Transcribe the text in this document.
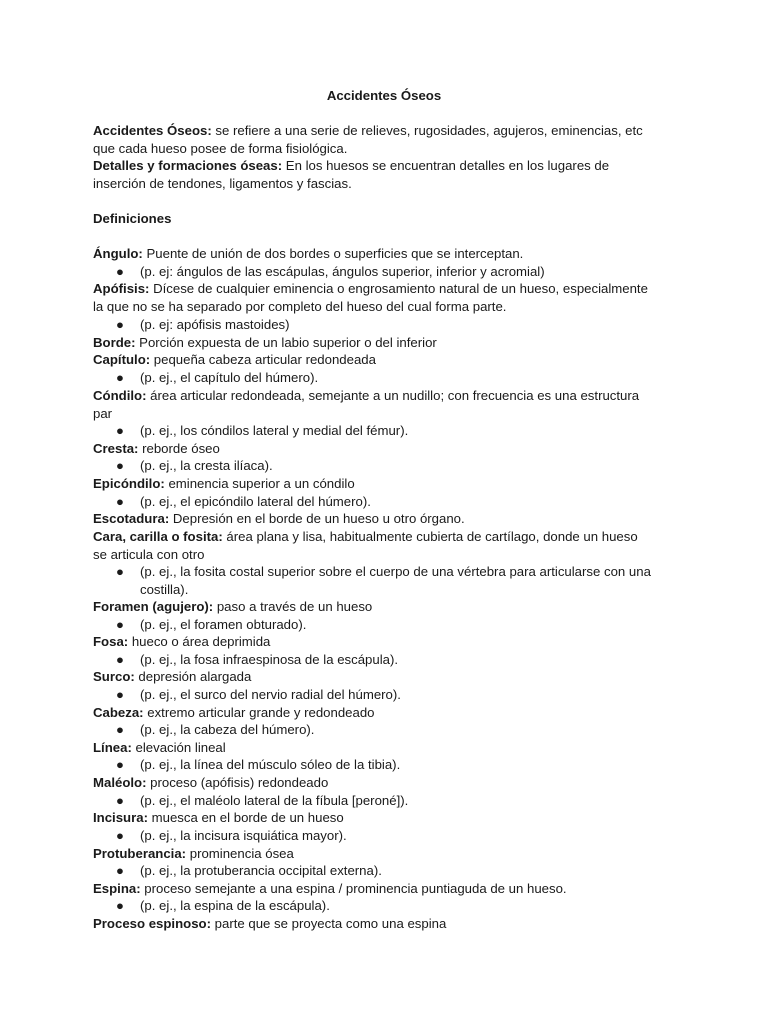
Accidentes Óseos

Accidentes Óseos: se refiere a una serie de relieves, rugosidades, agujeros, eminencias, etc que cada hueso posee de forma fisiológica.

Detalles y formaciones óseas: En los huesos se encuentran detalles en los lugares de inserción de tendones, ligamentos y fascias.

Definiciones

Ángulo: Puente de unión de dos bordes o superficies que se interceptan.

●	(p. ej: ángulos de las escápulas, ángulos superior, inferior y acromial)

Apófisis: Dícese de cualquier eminencia o engrosamiento natural de un hueso, especialmente la que no se ha separado por completo del hueso del cual forma parte.

●	(p. ej: apófisis mastoides)

Borde: Porción expuesta de un labio superior o del inferior

Capítulo: pequeña cabeza articular redondeada

●	(p. ej., el capítulo del húmero).

Cóndilo: área articular redondeada, semejante a un nudillo; con frecuencia es una estructura par

●	(p. ej., los cóndilos lateral y medial del fémur).

Cresta: reborde óseo

●	(p. ej., la cresta ilíaca).

Epicóndilo: eminencia superior a un cóndilo

●	(p. ej., el epicóndilo lateral del húmero).

Escotadura: Depresión en el borde de un hueso u otro órgano.

Cara, carilla o fosita: área plana y lisa, habitualmente cubierta de cartílago, donde un hueso se articula con otro

●	(p. ej., la fosita costal superior sobre el cuerpo de una vértebra para articularse con una costilla).

Foramen (agujero): paso a través de un hueso

●	(p. ej., el foramen obturado).

Fosa: hueco o área deprimida

●	(p. ej., la fosa infraespinosa de la escápula).

Surco: depresión alargada

●	(p. ej., el surco del nervio radial del húmero).

Cabeza: extremo articular grande y redondeado

●	(p. ej., la cabeza del húmero).

Línea: elevación lineal

●	(p. ej., la línea del músculo sóleo de la tibia).

Maléolo: proceso (apófisis) redondeado

●	(p. ej., el maléolo lateral de la fíbula [peroné]).

Incisura: muesca en el borde de un hueso

●	(p. ej., la incisura isquiática mayor).

Protuberancia: prominencia ósea

●	(p. ej., la protuberancia occipital externa).

Espina: proceso semejante a una espina / prominencia puntiaguda de un hueso.

●	(p. ej., la espina de la escápula).

Proceso espinoso: parte que se proyecta como una espina
